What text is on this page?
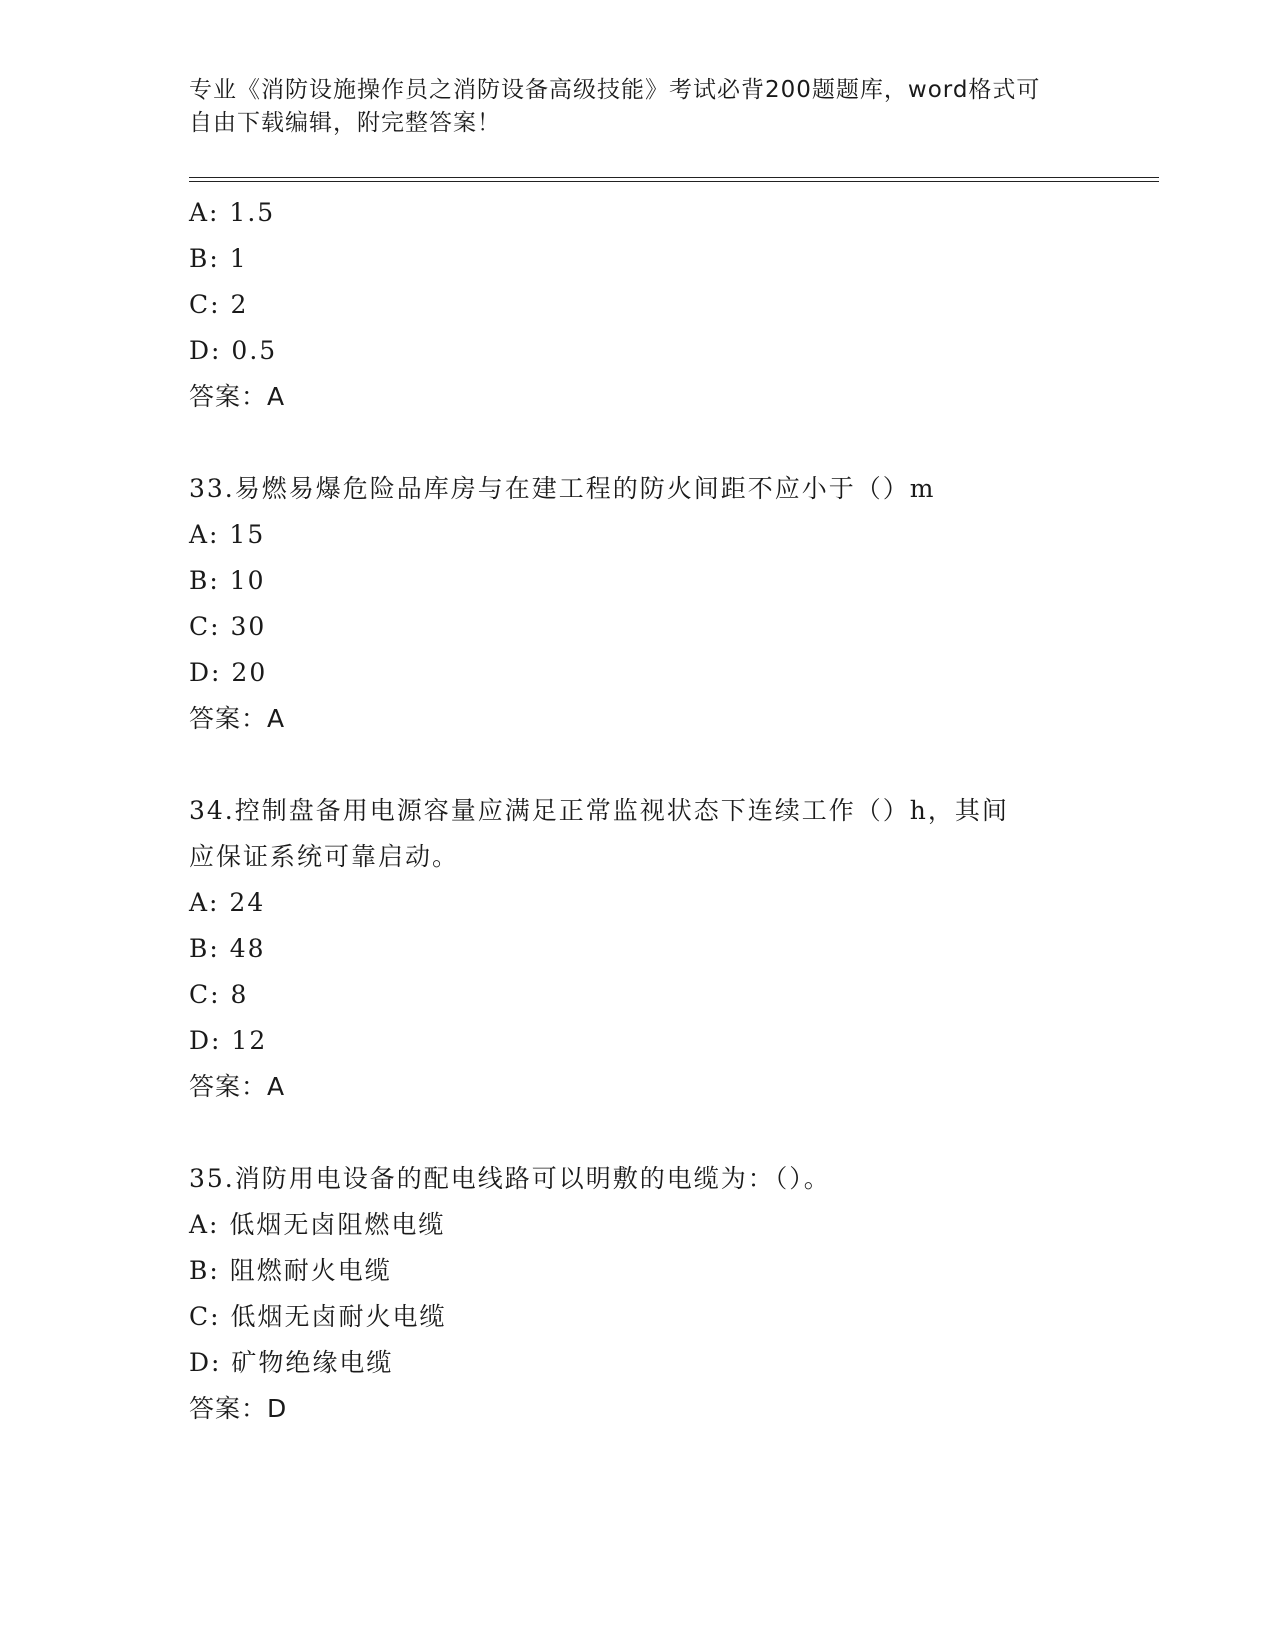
专业《消防设施操作员之消防设备高级技能》考试必背200题题库，word格式可
自由下载编辑，附完整答案！
A: 1.5
B: 1
C: 2
D: 0.5
答案：A
33.易燃易爆危险品库房与在建工程的防火间距不应小于（）m
A: 15
B: 10
C: 30
D: 20
答案：A
34.控制盘备用电源容量应满足正常监视状态下连续工作（）h，其间
应保证系统可靠启动。
A: 24
B: 48
C: 8
D: 12
答案：A
35.消防用电设备的配电线路可以明敷的电缆为：（）。
A: 低烟无卤阻燃电缆
B: 阻燃耐火电缆
C: 低烟无卤耐火电缆
D: 矿物绝缘电缆
答案：D
